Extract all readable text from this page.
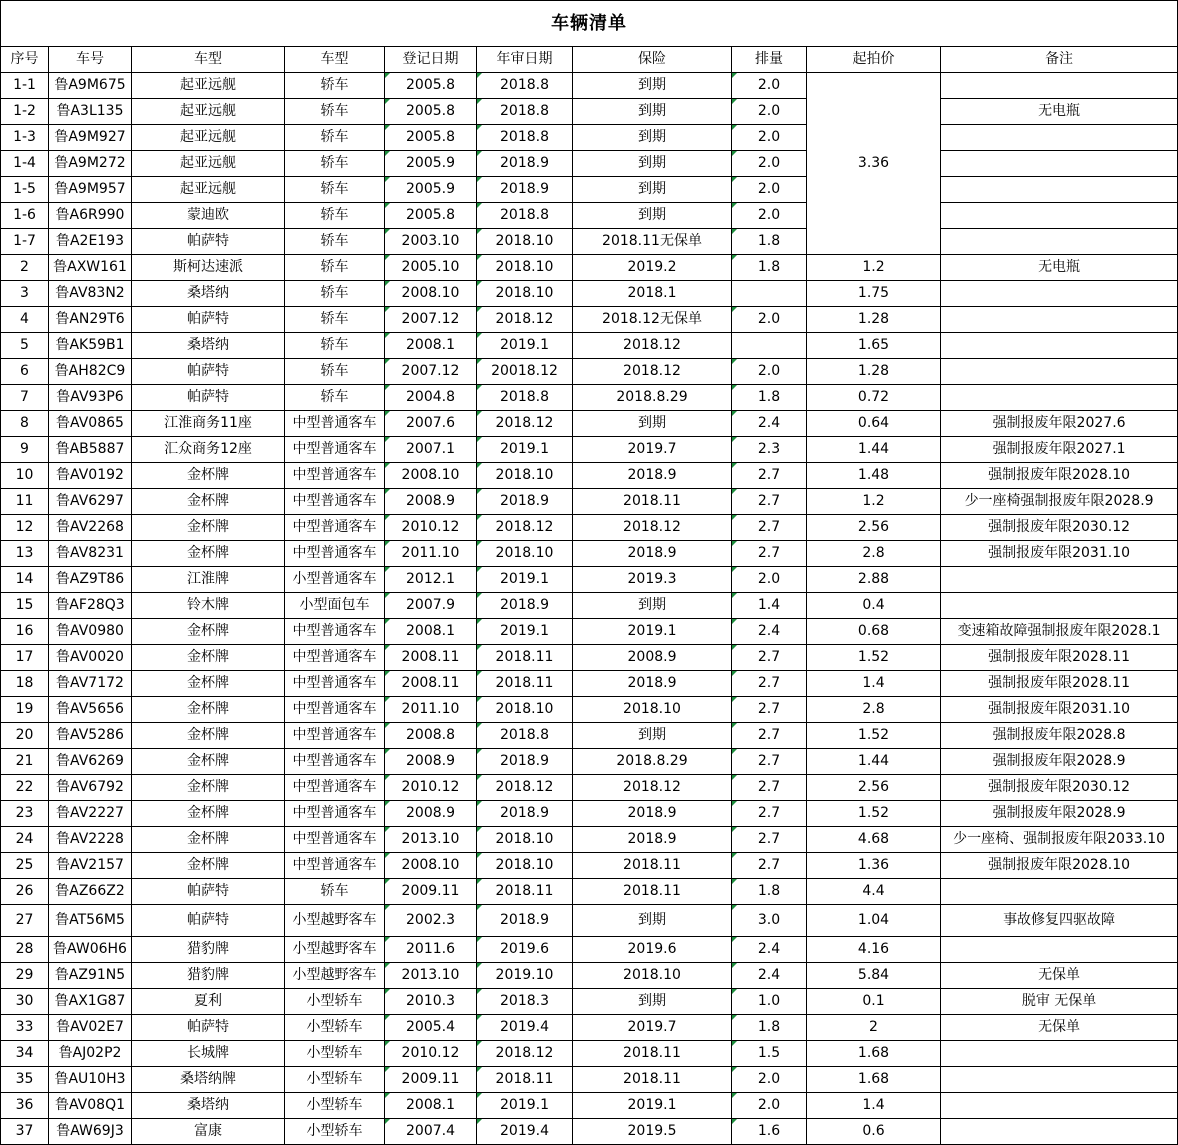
车辆清单									
序号	车号	车型	车型	登记日期	年审日期	保险	排量	起拍价	备注
1-1	鲁A9M675	起亚远舰	轿车	2005.8	2018.8	到期	2.0	3.36	
1-2	鲁A3L135	起亚远舰	轿车	2005.8	2018.8	到期	2.0		无电瓶
1-3	鲁A9M927	起亚远舰	轿车	2005.8	2018.8	到期	2.0		
1-4	鲁A9M272	起亚远舰	轿车	2005.9	2018.9	到期	2.0		
1-5	鲁A9M957	起亚远舰	轿车	2005.9	2018.9	到期	2.0		
1-6	鲁A6R990	蒙迪欧	轿车	2005.8	2018.8	到期	2.0		
1-7	鲁A2E193	帕萨特	轿车	2003.10	2018.10	2018.11无保单	1.8		
2	鲁AXW161	斯柯达速派	轿车	2005.10	2018.10	2019.2	1.8	1.2	无电瓶
3	鲁AV83N2	桑塔纳	轿车	2008.10	2018.10	2018.1		1.75	
4	鲁AN29T6	帕萨特	轿车	2007.12	2018.12	2018.12无保单	2.0	1.28	
5	鲁AK59B1	桑塔纳	轿车	2008.1	2019.1	2018.12		1.65	
6	鲁AH82C9	帕萨特	轿车	2007.12	20018.12	2018.12	2.0	1.28	
7	鲁AV93P6	帕萨特	轿车	2004.8	2018.8	2018.8.29	1.8	0.72	
8	鲁AV0865	江淮商务11座	中型普通客车	2007.6	2018.12	到期	2.4	0.64	强制报废年限2027.6
9	鲁AB5887	汇众商务12座	中型普通客车	2007.1	2019.1	2019.7	2.3	1.44	强制报废年限2027.1
10	鲁AV0192	金杯牌	中型普通客车	2008.10	2018.10	2018.9	2.7	1.48	强制报废年限2028.10
11	鲁AV6297	金杯牌	中型普通客车	2008.9	2018.9	2018.11	2.7	1.2	少一座椅强制报废年限2028.9
12	鲁AV2268	金杯牌	中型普通客车	2010.12	2018.12	2018.12	2.7	2.56	强制报废年限2030.12
13	鲁AV8231	金杯牌	中型普通客车	2011.10	2018.10	2018.9	2.7	2.8	强制报废年限2031.10
14	鲁AZ9T86	江淮牌	小型普通客车	2012.1	2019.1	2019.3	2.0	2.88	
15	鲁AF28Q3	铃木牌	小型面包车	2007.9	2018.9	到期	1.4	0.4	
16	鲁AV0980	金杯牌	中型普通客车	2008.1	2019.1	2019.1	2.4	0.68	变速箱故障强制报废年限2028.1
17	鲁AV0020	金杯牌	中型普通客车	2008.11	2018.11	2008.9	2.7	1.52	强制报废年限2028.11
18	鲁AV7172	金杯牌	中型普通客车	2008.11	2018.11	2018.9	2.7	1.4	强制报废年限2028.11
19	鲁AV5656	金杯牌	中型普通客车	2011.10	2018.10	2018.10	2.7	2.8	强制报废年限2031.10
20	鲁AV5286	金杯牌	中型普通客车	2008.8	2018.8	到期	2.7	1.52	强制报废年限2028.8
21	鲁AV6269	金杯牌	中型普通客车	2008.9	2018.9	2018.8.29	2.7	1.44	强制报废年限2028.9
22	鲁AV6792	金杯牌	中型普通客车	2010.12	2018.12	2018.12	2.7	2.56	强制报废年限2030.12
23	鲁AV2227	金杯牌	中型普通客车	2008.9	2018.9	2018.9	2.7	1.52	强制报废年限2028.9
24	鲁AV2228	金杯牌	中型普通客车	2013.10	2018.10	2018.9	2.7	4.68	少一座椅、强制报废年限2033.10
25	鲁AV2157	金杯牌	中型普通客车	2008.10	2018.10	2018.11	2.7	1.36	强制报废年限2028.10
26	鲁AZ66Z2	帕萨特	轿车	2009.11	2018.11	2018.11	1.8	4.4	
27	鲁AT56M5	帕萨特	小型越野客车	2002.3	2018.9	到期	3.0	1.04	事故修复四驱故障
28	鲁AW06H6	猎豹牌	小型越野客车	2011.6	2019.6	2019.6	2.4	4.16	
29	鲁AZ91N5	猎豹牌	小型越野客车	2013.10	2019.10	2018.10	2.4	5.84	无保单
30	鲁AX1G87	夏利	小型轿车	2010.3	2018.3	到期	1.0	0.1	脱审 无保单
33	鲁AV02E7	帕萨特	小型轿车	2005.4	2019.4	2019.7	1.8	2	无保单
34	鲁AJ02P2	长城牌	小型轿车	2010.12	2018.12	2018.11	1.5	1.68	
35	鲁AU10H3	桑塔纳牌	小型轿车	2009.11	2018.11	2018.11	2.0	1.68	
36	鲁AV08Q1	桑塔纳	小型轿车	2008.1	2019.1	2019.1	2.0	1.4	
37	鲁AW69J3	富康	小型轿车	2007.4	2019.4	2019.5	1.6	0.6	
